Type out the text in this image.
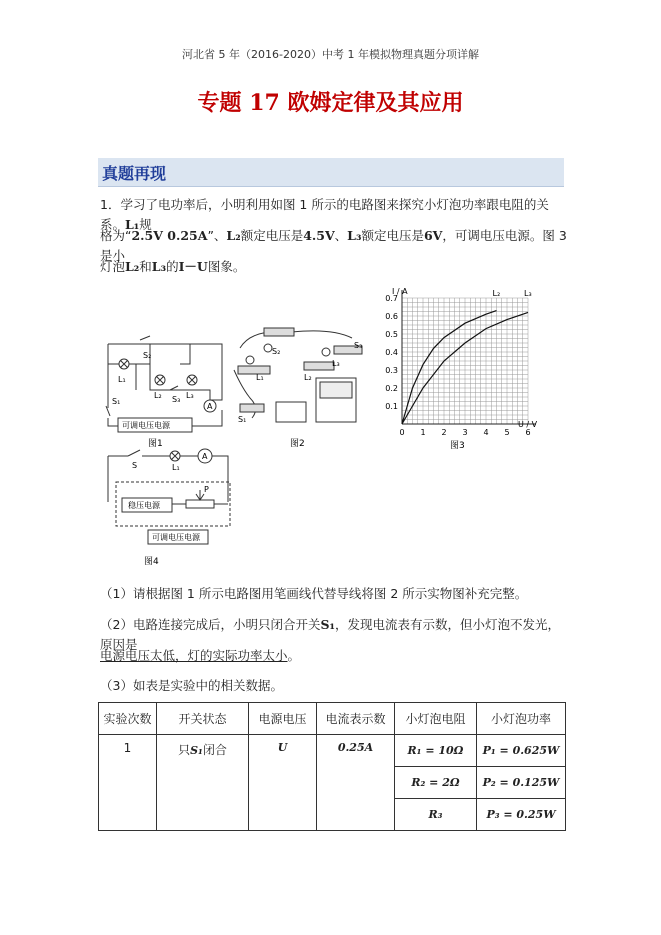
河北省 5 年（2016-2020）中考 1 年模拟物理真题分项详解
专题 17 欧姆定律及其应用
真题再现
1．学习了电功率后，小明利用如图 1 所示的电路图来探究小灯泡功率跟电阻的关系。L₁规
格为“2.5V 0.25A”、L₂额定电压是4.5V、L₃额定电压是6V，可调电压电源。图 3 是小
灯泡L₂和L₃的I－U图象。
S₂
L₁
L₂	L₃
S₃
S₁
A
可调电压电源
图1
L₁	L₂
L₃
S₁
S₂
S₃
图2
0.1
0.2
0.3
0.4
0.5
0.6
0.7
0 1 2 3 4 5 6
L₂	L₃
I / A
U / V
图3
S	L₁
A
P
稳压电源
可调电压电源
图4
（1）请根据图 1 所示电路图用笔画线代替导线将图 2 所示实物图补充完整。
（2）电路连接完成后，小明只闭合开关S₁，发现电流表有示数，但小灯泡不发光，原因是
电源电压太低，灯的实际功率太小。
（3）如表是实验中的相关数据。
实验次数	开关状态	电源电压	电流表示数	小灯泡电阻	小灯泡功率
1	只S₁闭合	U	0.25A	R₁ = 10Ω	P₁ = 0.625W
				R₂ = 2Ω	P₂ = 0.125W
				R₃	P₃ = 0.25W
